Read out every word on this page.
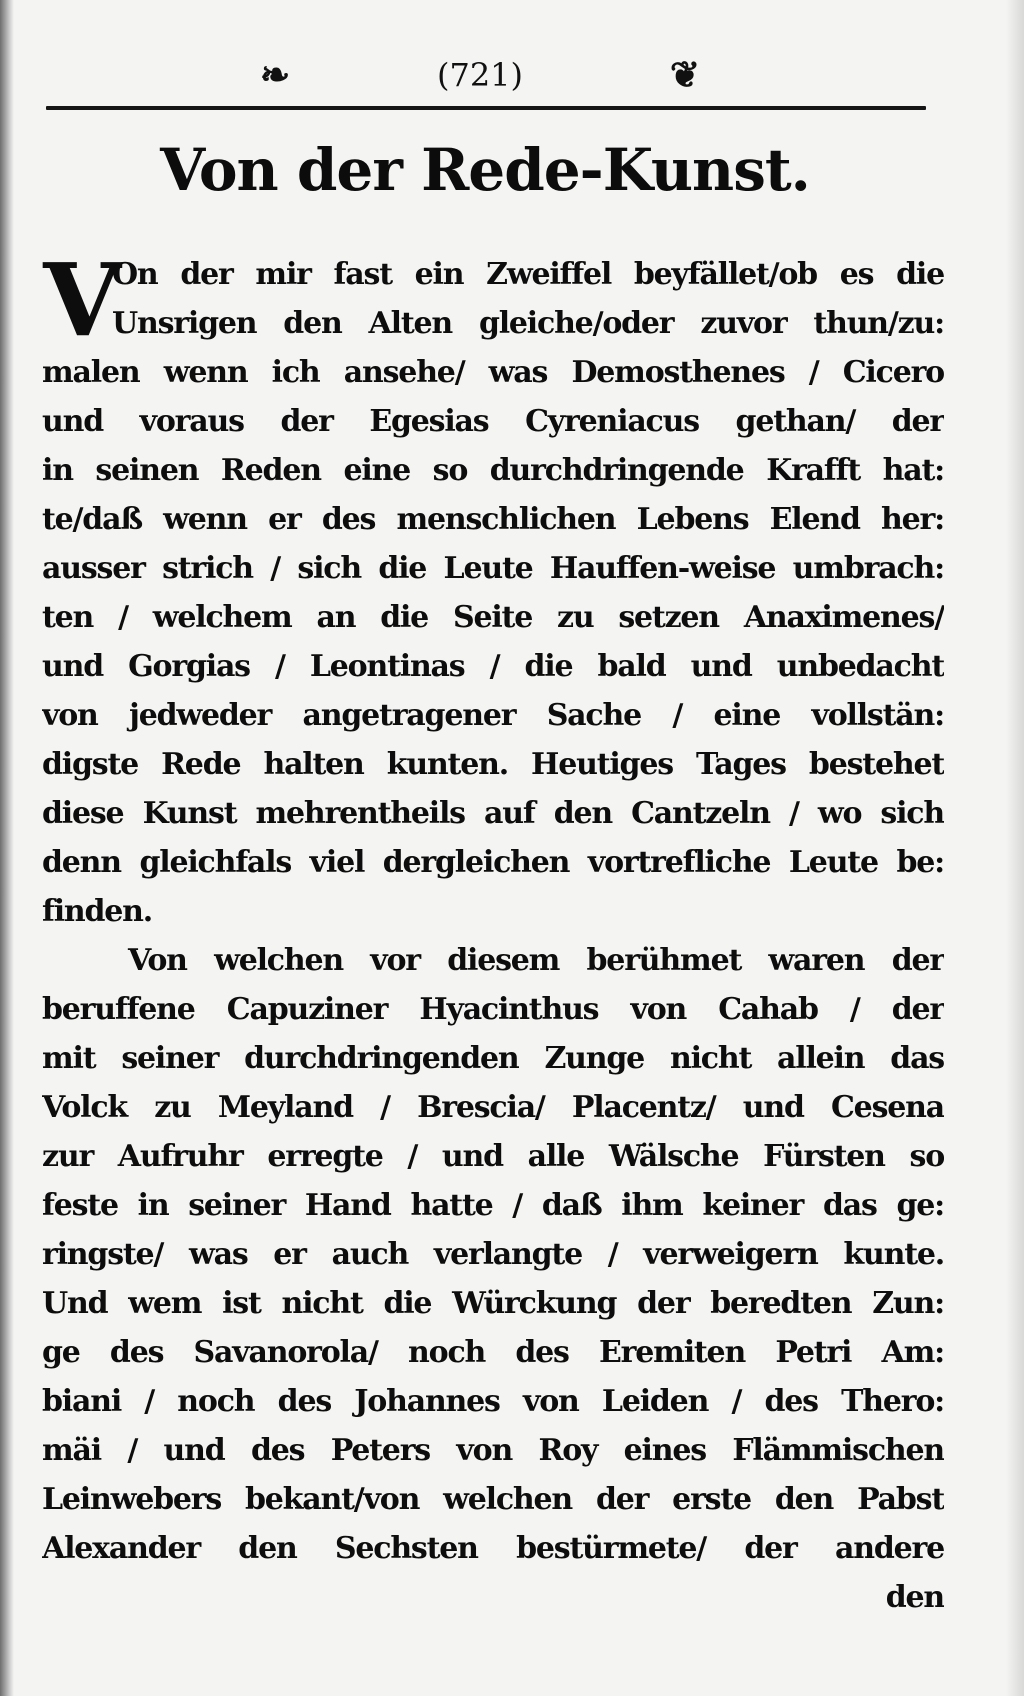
❧	(721)	❦
Von der Rede-Kunst.
V
On der mir fast ein Zweiffel beyfället/ob es die
Unsrigen den Alten gleiche/oder zuvor thun/zu:
malen wenn ich ansehe/ was Demosthenes / Cicero
und voraus der Egesias Cyreniacus gethan/ der
in seinen Reden eine so durchdringende Krafft hat:
te/daß wenn er des menschlichen Lebens Elend her:
ausser strich / sich die Leute Hauffen-weise umbrach:
ten / welchem an die Seite zu setzen Anaximenes/
und Gorgias / Leontinas / die bald und unbedacht
von jedweder angetragener Sache / eine vollstän:
digste Rede halten kunten. Heutiges Tages bestehet
diese Kunst mehrentheils auf den Cantzeln / wo sich
denn gleichfals viel dergleichen vortrefliche Leute be:
finden.
Von welchen vor diesem berühmet waren der
beruffene Capuziner Hyacinthus von Cahab / der
mit seiner durchdringenden Zunge nicht allein das
Volck zu Meyland / Brescia/ Placentz/ und Cesena
zur Aufruhr erregte / und alle Wälsche Fürsten so
feste in seiner Hand hatte / daß ihm keiner das ge:
ringste/ was er auch verlangte / verweigern kunte.
Und wem ist nicht die Würckung der beredten Zun:
ge des Savanorola/ noch des Eremiten Petri Am:
biani / noch des Johannes von Leiden / des Thero:
mäi / und des Peters von Roy eines Flämmischen
Leinwebers bekant/von welchen der erste den Pabst
Alexander den Sechsten bestürmete/ der andere
den
